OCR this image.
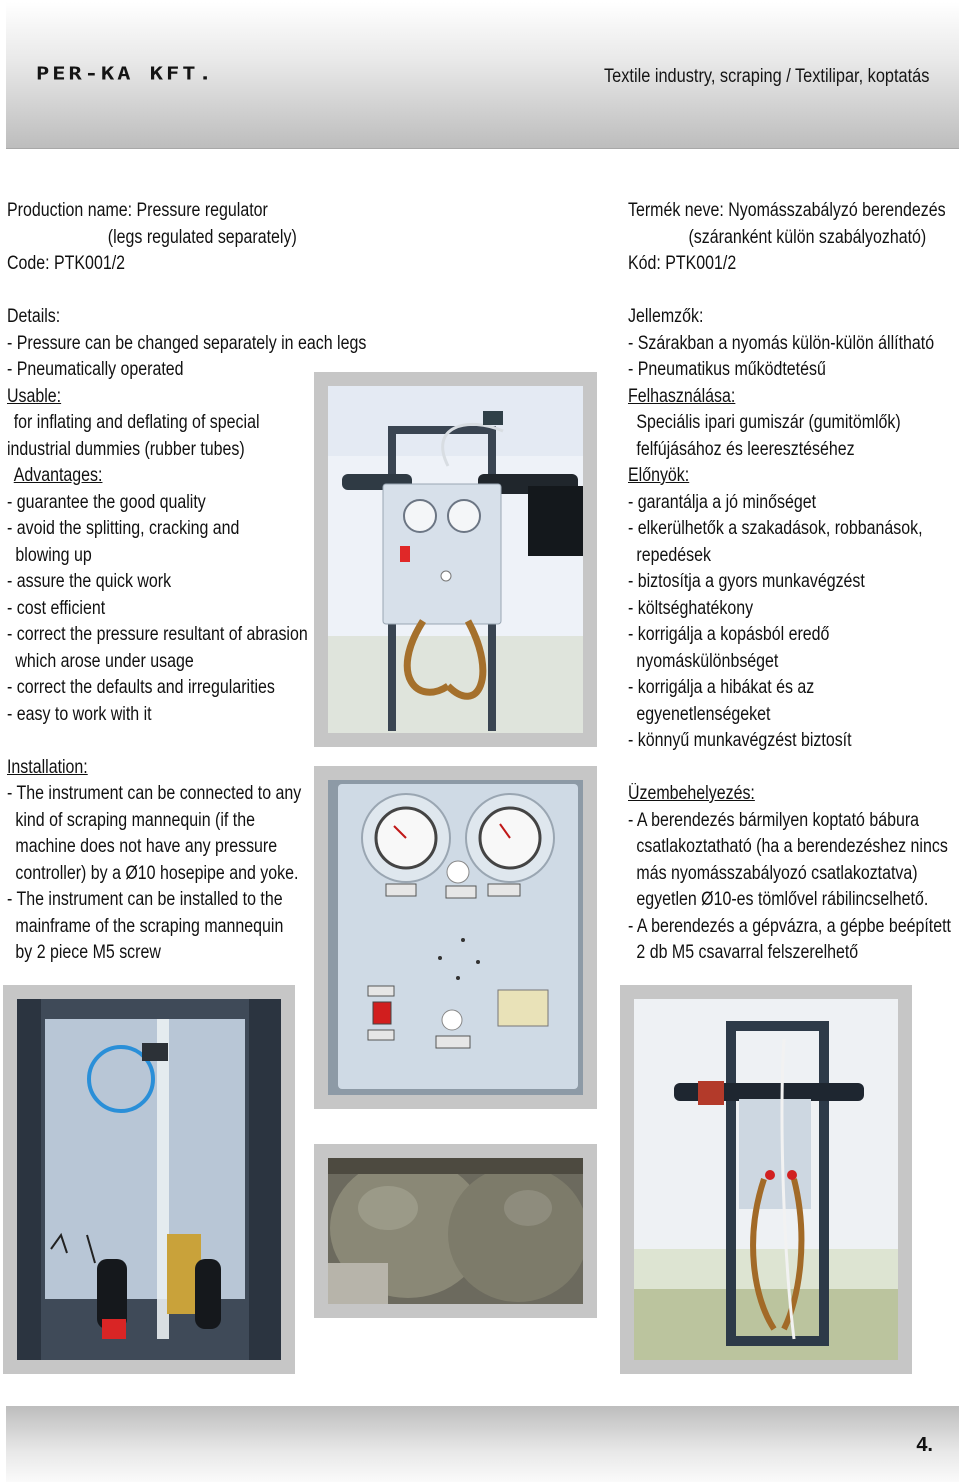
PER-KA KFT.	Textile industry, scraping / Textilipar, koptatás
Production name: Pressure regulator
(legs regulated separately)
Code: PTK001/2
Details:
- Pressure can be changed separately in each legs
- Pneumatically operated
Usable:
for inflating and deflating of special
industrial dummies (rubber tubes)
Advantages:
- guarantee the good quality
- avoid the splitting, cracking and
blowing up
- assure the quick work
- cost efficient
- correct the pressure resultant of abrasion
which arose under usage
- correct the defaults and irregularities
- easy to work with it
Installation:
- The instrument can be connected to any
kind of scraping mannequin (if the
machine does not have any pressure
controller) by a Ø10 hosepipe and yoke.
- The instrument can be installed to the
mainframe of the scraping mannequin
by 2 piece M5 screw
Termék neve: Nyomásszabályzó berendezés
(száranként külön szabályozható)
Kód: PTK001/2
Jellemzők:
- Szárakban a nyomás külön-külön állítható
- Pneumatikus működtetésű
Felhasználása:
Speciális ipari gumiszár (gumitömlők)
felfújásához és leeresztéséhez
Előnyök:
- garantálja a jó minőséget
- elkerülhetők a szakadások, robbanások,
repedések
- biztosítja a gyors munkavégzést
- költséghatékony
- korrigálja a kopásból eredő
nyomáskülönbséget
- korrigálja a hibákat és az
egyenetlenségeket
- könnyű munkavégzést biztosít
Üzembehelyezés:
- A berendezés bármilyen koptató bábura
csatlakoztatható (ha a berendezéshez nincs
más nyomásszabályozó csatlakoztatva)
egyetlen Ø10-es tömlővel rábilincselhető.
- A berendezés a gépvázra, a gépbe beépített
2 db M5 csavarral felszerelhető
4.
